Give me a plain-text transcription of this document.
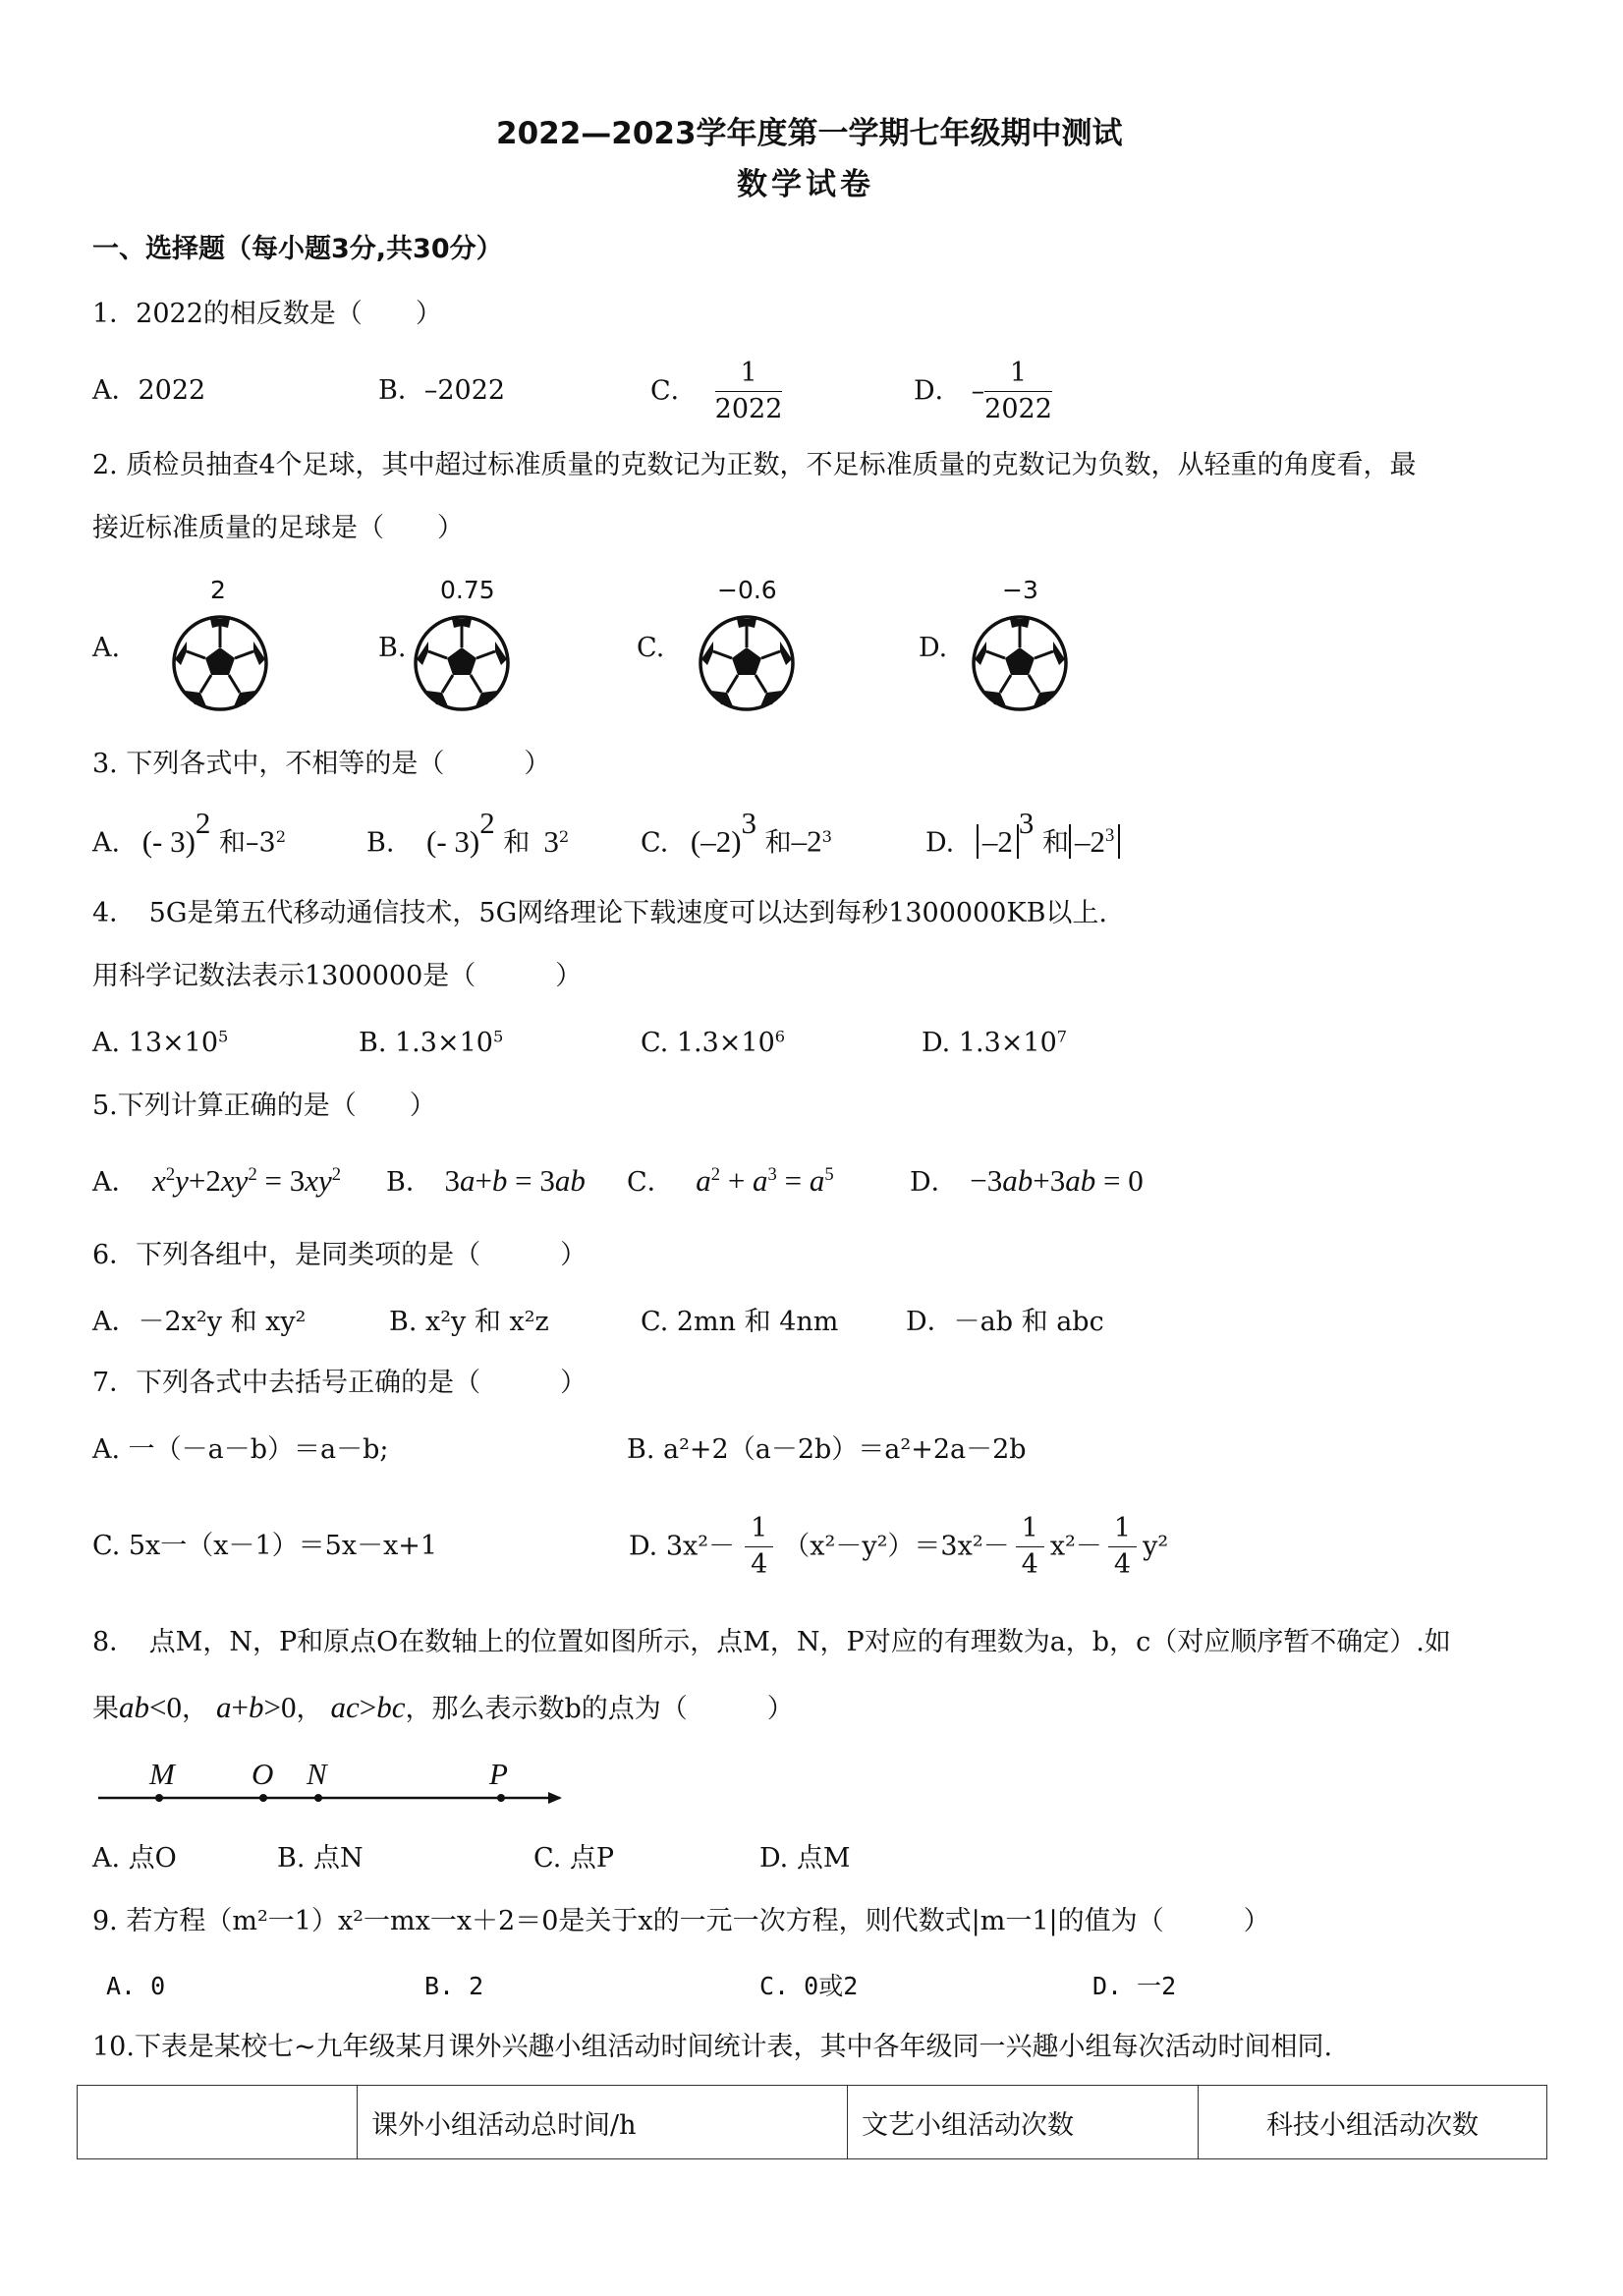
2022—2023学年度第一学期七年级期中测试
数学试卷
一、选择题（每小题3分,共30分）
1．2022的相反数是（　　）
A．2022	B．–2022	C． $\frac{1}{2022}$	D． – $\frac{1}{2022}$
2. 质检员抽查4个足球，其中超过标准质量的克数记为正数，不足标准质量的克数记为负数，从轻重的角度看，最
接近标准质量的足球是（　　）
A.
2
B.
0.75
C.
−0.6
D.
−3
3. 下列各式中，不相等的是（　　　）
A. (- 3)$^2$ 和$-3^2$	B. (- 3)$^2$ 和 $3^2$	C. $(-2)^3$ 和$-2^3$	D. $-2^3$ 和 $-2^3$
4．　5G是第五代移动通信技术，5G网络理论下载速度可以达到每秒1300000KB以上.
用科学记数法表示1300000是（　　　）
A. $13\times 10^5$	B. $1.3\times 10^5$	C. $1.3\times 10^6$	D. $1.3\times 10^7$
5.下列计算正确的是（　　）
A． $x^2y+2xy^2 = 3xy^2$ B． 3a+b = 3ab C． $a^2 + a^3 = a^5$	D． −3ab+3ab = 0
6．下列各组中，是同类项的是（　　　）
A．－2x²y 和 xy²	B. x²y 和 x²z	C. 2mn 和 4nm	D．－ab 和 abc
7．下列各式中去括号正确的是（　　　）
A. 一（－a－b）＝a－b;	B. a²+2（a－2b）＝a²+2a－2b
C. 5x一（x－1）＝5x－x+1	D. $3x^2- \frac{1}{4} (x^2-y^2)=3x^2- \frac{1}{4} x^2- \frac{1}{4} y^2$
8．　点M，N，P和原点O在数轴上的位置如图所示，点M，N，P对应的有理数为a，b，c（对应顺序暂不确定）.如
果ab<0， a+b>0， ac>bc，那么表示数b的点为（　　　）
M	O N	P
A. 点O	B. 点N	C. 点P	D. 点M
9. 若方程（m²一1）x²一mx一x＋2＝0是关于x的一元一次方程，则代数式|m一1|的值为（　　　）
A. 0	B. 2	C. 0或2	D. 一2
10.下表是某校七~九年级某月课外兴趣小组活动时间统计表，其中各年级同一兴趣小组每次活动时间相同.
	课外小组活动总时间/h	文艺小组活动次数	科技小组活动次数
